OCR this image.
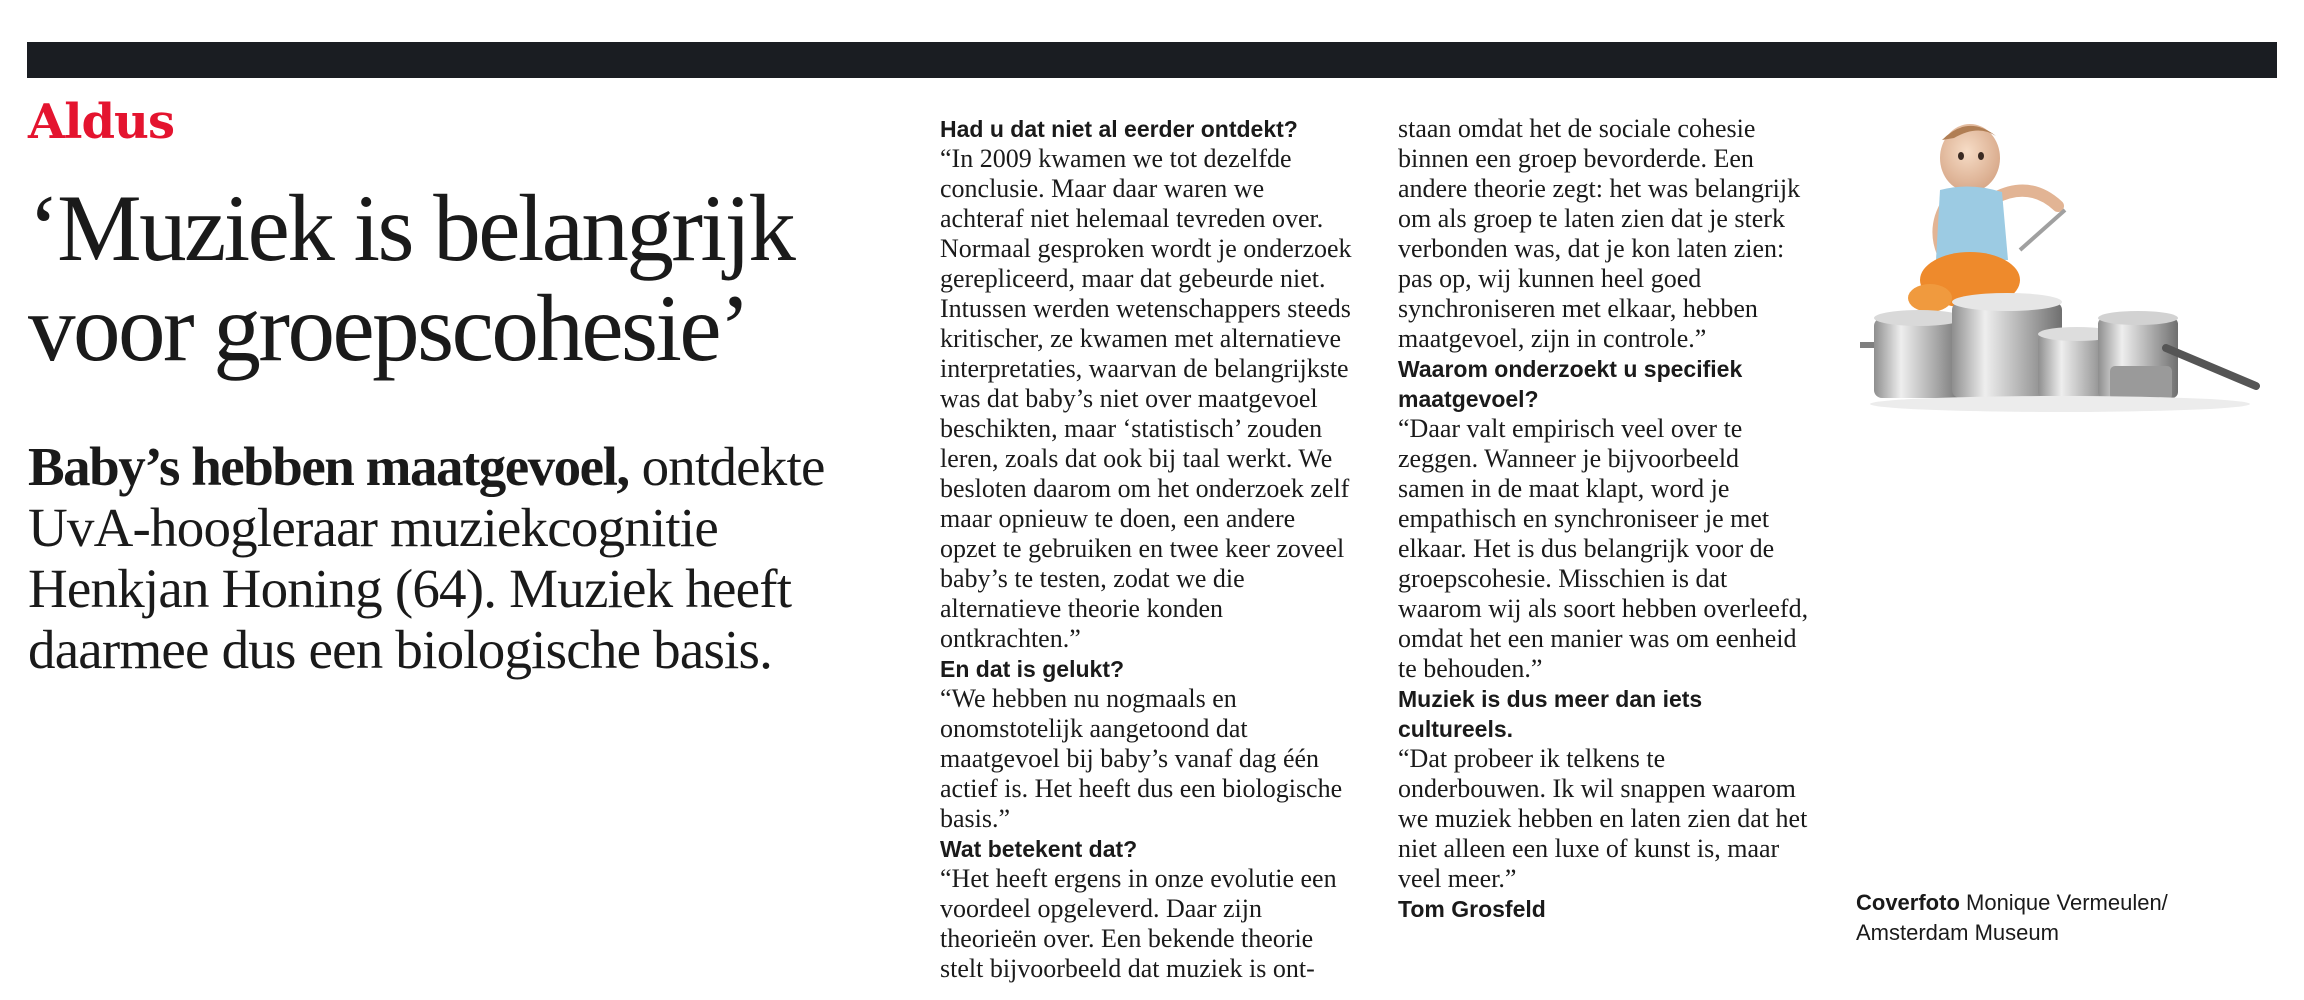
Aldus
‘Muziek is belangrijk
voor groepscohesie’

Baby’s hebben maatgevoel, ontdekte UvA-hoogleraar muziekcognitie Henkjan Honing (64). Muziek heeft daarmee dus een biologische basis.

Had u dat niet al eerder ontdekt?

“In 2009 kwamen we tot dezelfde conclusie. Maar daar waren we achteraf niet helemaal tevreden over. Normaal gesproken wordt je onderzoek gerepliceerd, maar dat gebeurde niet. Intussen werden wetenschappers steeds kritischer, ze kwamen met alternatieve interpretaties, waarvan de belangrijkste was dat baby’s niet over maatgevoel beschikten, maar ‘statistisch’ zouden leren, zoals dat ook bij taal werkt. We besloten daarom om het onderzoek zelf maar opnieuw te doen, een andere opzet te gebruiken en twee keer zoveel baby’s te testen, zodat we die alternatieve theorie konden ontkrachten.”

En dat is gelukt?

“We hebben nu nogmaals en onomstotelijk aangetoond dat maatgevoel bij baby’s vanaf dag één actief is. Het heeft dus een biologische basis.”

Wat betekent dat?

“Het heeft ergens in onze evolutie een voordeel opgeleverd. Daar zijn theorieën over. Een bekende theorie stelt bijvoorbeeld dat muziek is ont-

staan omdat het de sociale cohesie binnen een groep bevorderde. Een andere theorie zegt: het was belangrijk om als groep te laten zien dat je sterk verbonden was, dat je kon laten zien: pas op, wij kunnen heel goed synchroniseren met elkaar, hebben maatgevoel, zijn in controle.”

Waarom onderzoekt u specifiek maatgevoel?

“Daar valt empirisch veel over te zeggen. Wanneer je bijvoorbeeld samen in de maat klapt, word je empathisch en synchroniseer je met elkaar. Het is dus belangrijk voor de groepscohesie. Misschien is dat waarom wij als soort hebben overleefd, omdat het een manier was om eenheid te behouden.”

Muziek is dus meer dan iets cultureels.

“Dat probeer ik telkens te onderbouwen. Ik wil snappen waarom we muziek hebben en laten zien dat het niet alleen een luxe of kunst is, maar veel meer.”

Tom Grosfeld	Coverfoto Monique Vermeulen/
Amsterdam Museum
